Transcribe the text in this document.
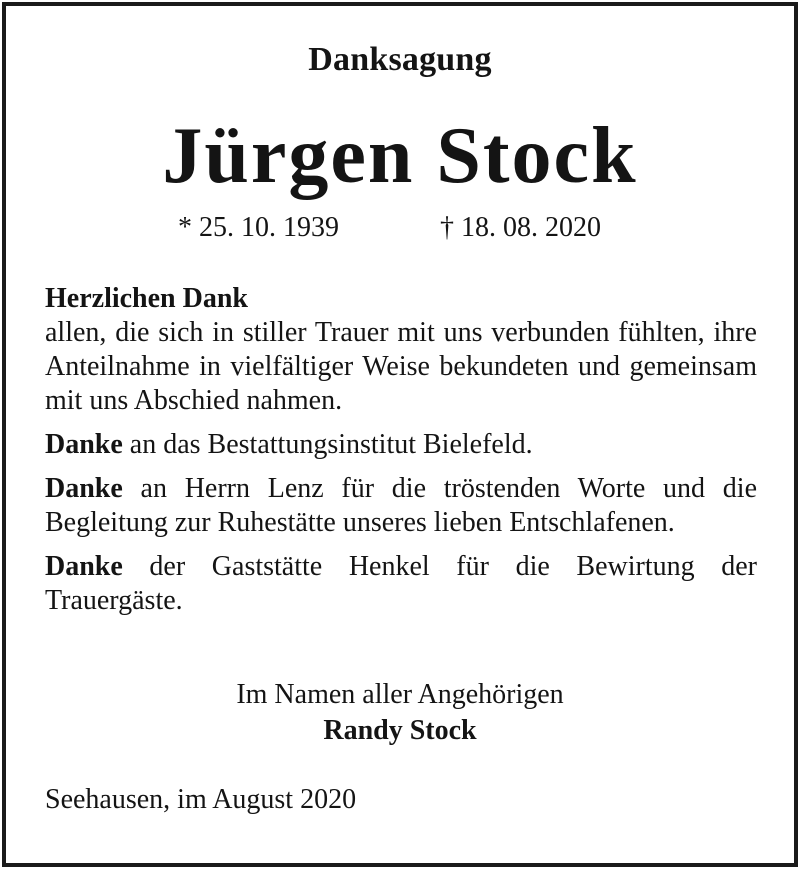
Danksagung
Jürgen Stock
* 25. 10. 1939	† 18. 08. 2020

Herzlichen Dank

allen, die sich in stiller Trauer mit uns verbunden fühlten, ihre Anteilnahme in vielfältiger Weise bekundeten und gemeinsam mit uns Abschied nahmen.

Danke an das Bestattungsinstitut Bielefeld.

Danke an Herrn Lenz für die tröstenden Worte und die Begleitung zur Ruhestätte unseres lieben Entschlafenen.

Danke der Gaststätte Henkel für die Bewirtung der Trauergäste.

Im Namen aller Angehörigen
Randy Stock
Seehausen, im August 2020
